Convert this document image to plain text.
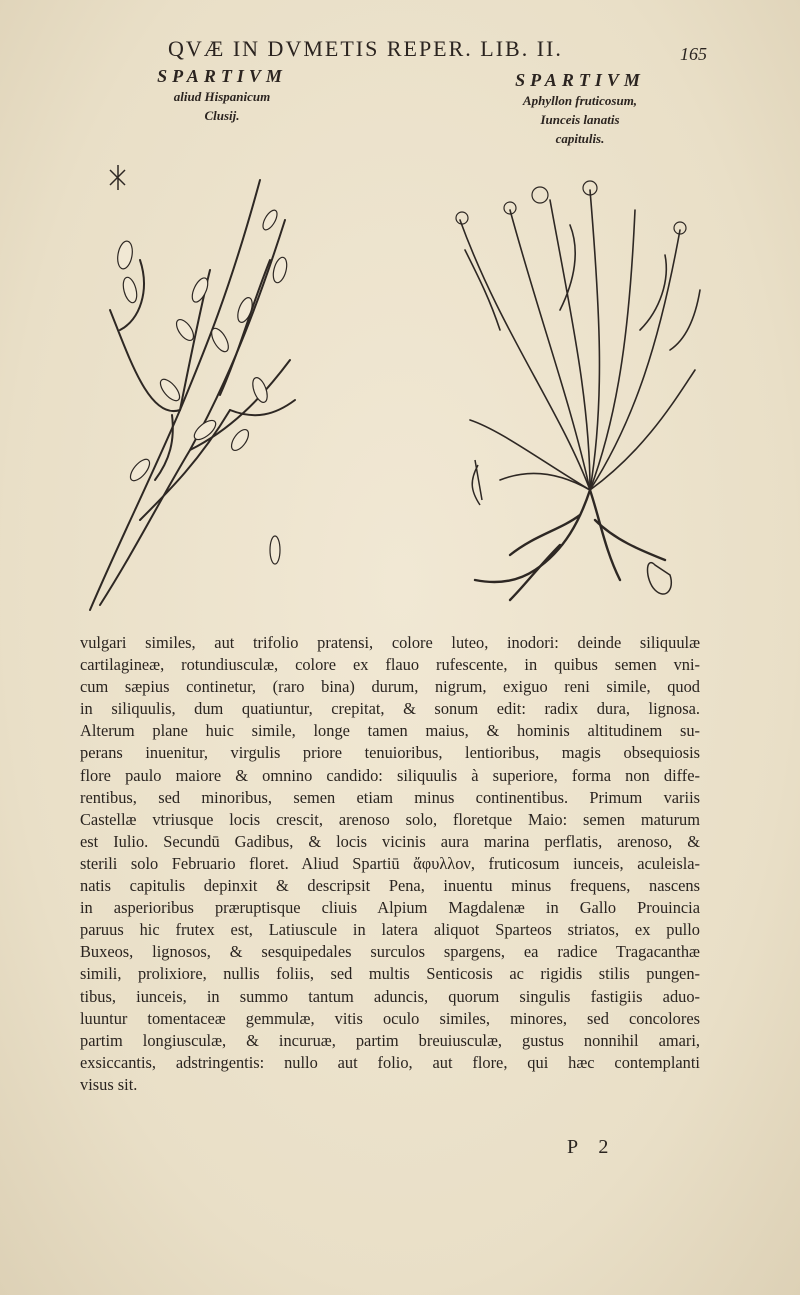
QVÆ IN DVMETIS REPER. LIB. II.	165
SPARTIVM
aliud Hispanicum
Clusij.
SPARTIVM
Aphyllon fruticosum,
Iunceis lanatis
capitulis.
vulgari similes, aut trifolio pratensi, colore luteo, inodori: deinde siliquulæ
cartilagineæ, rotundiusculæ, colore ex flauo rufescente, in quibus semen vni-
cum sæpius continetur, (raro bina) durum, nigrum, exiguo reni simile, quod
in siliquulis, dum quatiuntur, crepitat, & sonum edit: radix dura, lignosa.
Alterum plane huic simile, longe tamen maius, & hominis altitudinem su-
perans inuenitur, virgulis priore tenuioribus, lentioribus, magis obsequiosis
flore paulo maiore & omnino candido: siliquulis à superiore, forma non diffe-
rentibus, sed minoribus, semen etiam minus continentibus. Primum variis
Castellæ vtriusque locis crescit, arenoso solo, floretque Maio: semen maturum
est Iulio. Secundū Gadibus, & locis vicinis aura marina perflatis, arenoso, &
sterili solo Februario floret. Aliud Spartiū ἄφυλλον, fruticosum iunceis, aculeisla-
natis capitulis depinxit & descripsit Pena, inuentu minus frequens, nascens
in asperioribus præruptisque cliuis Alpium Magdalenæ in Gallo Prouincia
paruus hic frutex est, Latiuscule in latera aliquot Sparteos striatos, ex pullo
Buxeos, lignosos, & sesquipedales surculos spargens, ea radice Tragacanthæ
simili, prolixiore, nullis foliis, sed multis Senticosis ac rigidis stilis pungen-
tibus, iunceis, in summo tantum aduncis, quorum singulis fastigiis aduo-
luuntur tomentaceæ gemmulæ, vitis oculo similes, minores, sed concolores
partim longiusculæ, & incuruæ, partim breuiusculæ, gustus nonnihil amari,
exsiccantis, adstringentis: nullo aut folio, aut flore, qui hæc contemplanti
visus sit.
P 2
